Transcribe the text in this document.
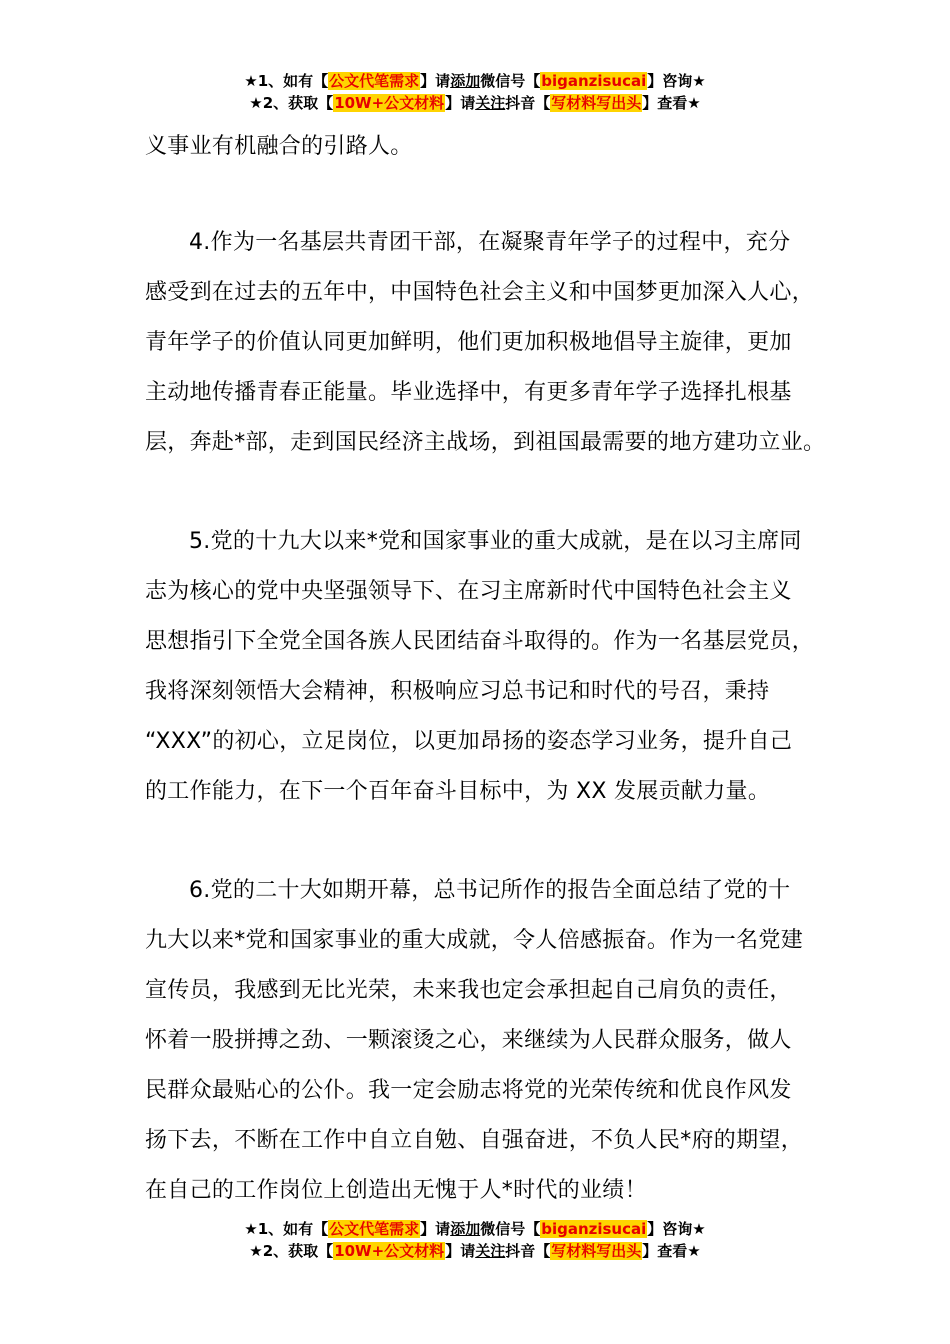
★1、如有【公文代笔需求】请添加微信号【biganzisucai】咨询★
★2、获取【10W+公文材料】请关注抖音【写材料写出头】查看★

义事业有机融合的引路人。

4.作为一名基层共青团干部，在凝聚青年学子的过程中，充分
感受到在过去的五年中，中国特色社会主义和中国梦更加深入人心，
青年学子的价值认同更加鲜明，他们更加积极地倡导主旋律，更加
主动地传播青春正能量。毕业选择中，有更多青年学子选择扎根基
层，奔赴*部，走到国民经济主战场，到祖国最需要的地方建功立业。

5.党的十九大以来*党和国家事业的重大成就，是在以习主席同
志为核心的党中央坚强领导下、在习主席新时代中国特色社会主义
思想指引下全党全国各族人民团结奋斗取得的。作为一名基层党员，
我将深刻领悟大会精神，积极响应习总书记和时代的号召，秉持
“XXX”的初心，立足岗位，以更加昂扬的姿态学习业务，提升自己
的工作能力，在下一个百年奋斗目标中，为 XX 发展贡献力量。

6.党的二十大如期开幕，总书记所作的报告全面总结了党的十
九大以来*党和国家事业的重大成就，令人倍感振奋。作为一名党建
宣传员，我感到无比光荣，未来我也定会承担起自己肩负的责任，
怀着一股拼搏之劲、一颗滚烫之心，来继续为人民群众服务，做人
民群众最贴心的公仆。我一定会励志将党的光荣传统和优良作风发
扬下去，不断在工作中自立自勉、自强奋进，不负人民*府的期望，
在自己的工作岗位上创造出无愧于人*时代的业绩！

★1、如有【公文代笔需求】请添加微信号【biganzisucai】咨询★
★2、获取【10W+公文材料】请关注抖音【写材料写出头】查看★
